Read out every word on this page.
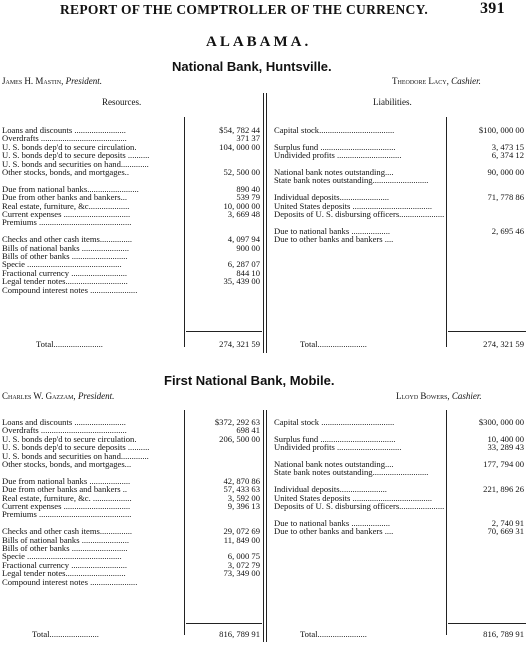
REPORT OF THE COMPTROLLER OF THE CURRENCY.	391
ALABAMA.
National Bank, Huntsville.
James H. Mastin, President.	Theodore Lacy, Cashier.
Resources.	Liabilities.
Loans and discounts ........................	$54, 782 44
Overdrafts ........................................	371 37
U. S. bonds dep'd to secure circulation.	104, 000 00
U. S. bonds dep'd to secure deposits ..........
U. S. bonds and securities on hand.............
Other stocks, bonds, and mortgages..	52, 500 00
Due from national banks........................	890 40
Due from other banks and bankers...	539 79
Real estate, furniture, &c...................	10, 000 00
Current expenses ...............................	3, 669 48
Premiums ...........................................
Checks and other cash items...............	4, 097 94
Bills of national banks ......................	900 00
Bills of other banks ..........................
Specie ............................................	6, 287 07
Fractional currency ..........................	844 10
Legal tender notes.............................	35, 439 00
Compound interest notes ......................
Capital stock...................................	$100, 000 00
Surplus fund ...................................	3, 473 15
Undivided profits ..............................	6, 374 12
National bank notes outstanding....	90, 000 00
State bank notes outstanding..........................
Individual deposits.......................	71, 778 86
United States deposits .....................................
Deposits of U. S. disbursing officers.....................
Due to national banks ..................	2, 695 46
Due to other banks and bankers ....
Total.......................	274, 321 59	Total.......................	274, 321 59
First National Bank, Mobile.
Charles W. Gazzam, President.	Lloyd Bowers, Cashier.
Loans and discounts ........................	$372, 292 63
Overdrafts ........................................	698 41
U. S. bonds dep'd to secure circulation.	206, 500 00
U. S. bonds dep'd to secure deposits ..........
U. S. bonds and securities on hand.............
Other stocks, bonds, and mortgages...
Due from national banks ...................	42, 870 86
Due from other banks and bankers ..	57, 433 63
Real estate, furniture, &c. ..................	3, 592 00
Current expenses ...............................	9, 396 13
Premiums ...........................................
Checks and other cash items...............	29, 072 69
Bills of national banks ......................	11, 849 00
Bills of other banks ..........................
Specie ............................................	6, 000 75
Fractional currency ..........................	3, 072 79
Legal tender notes............................	73, 349 00
Compound interest notes ......................
Capital stock ..................................	$300, 000 00
Surplus fund ...................................	10, 400 00
Undivided profits ..............................	33, 289 43
National bank notes outstanding....	177, 794 00
State bank notes outstanding..........................
Individual deposits......................	221, 896 26
United States deposits .....................................
Deposits of U. S. disbursing officers.....................
Due to national banks ..................	2, 740 91
Due to other banks and bankers ....	70, 669 31
Total.......................	816, 789 91	Total.......................	816, 789 91
